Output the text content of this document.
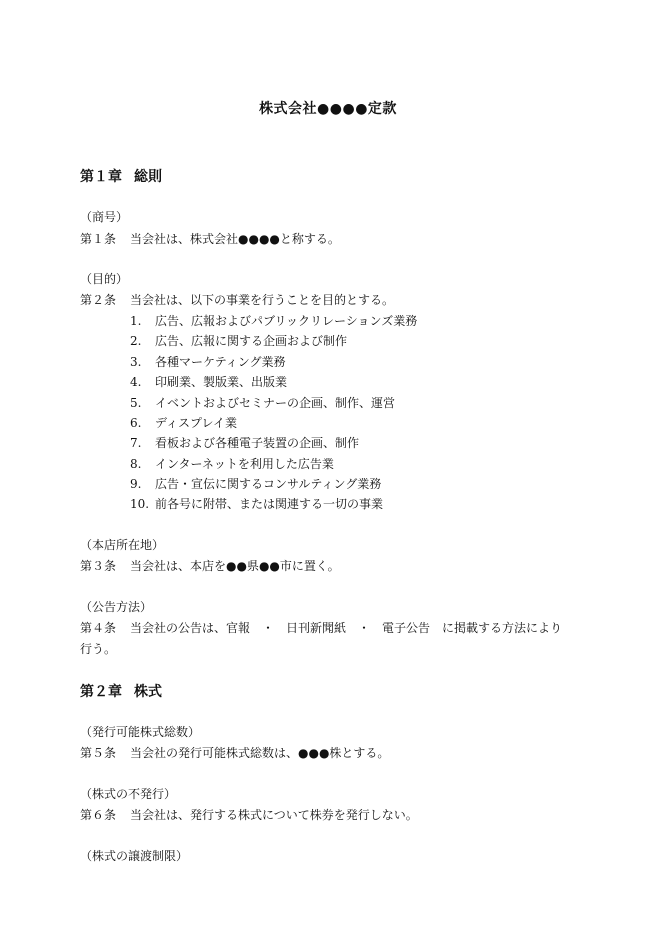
株式会社●●●●定款
第１章 総則
（商号）
第１条 当会社は、株式会社●●●●と称する。
（目的）
第２条 当会社は、以下の事業を行うことを目的とする。
1. 広告、広報およびパブリックリレーションズ業務
2. 広告、広報に関する企画および制作
3. 各種マーケティング業務
4. 印刷業、製版業、出版業
5. イベントおよびセミナーの企画、制作、運営
6. ディスプレイ業
7. 看板および各種電子装置の企画、制作
8. インターネットを利用した広告業
9. 広告・宣伝に関するコンサルティング業務
10. 前各号に附帯、または関連する一切の事業
（本店所在地）
第３条 当会社は、本店を●●県●●市に置く。
（公告方法）
第４条 当会社の公告は、官報　・　日刊新聞紙　・　電子公告　に掲載する方法により
行う。
第２章 株式
（発行可能株式総数）
第５条 当会社の発行可能株式総数は、●●●株とする。
（株式の不発行）
第６条 当会社は、発行する株式について株券を発行しない。
（株式の譲渡制限）
